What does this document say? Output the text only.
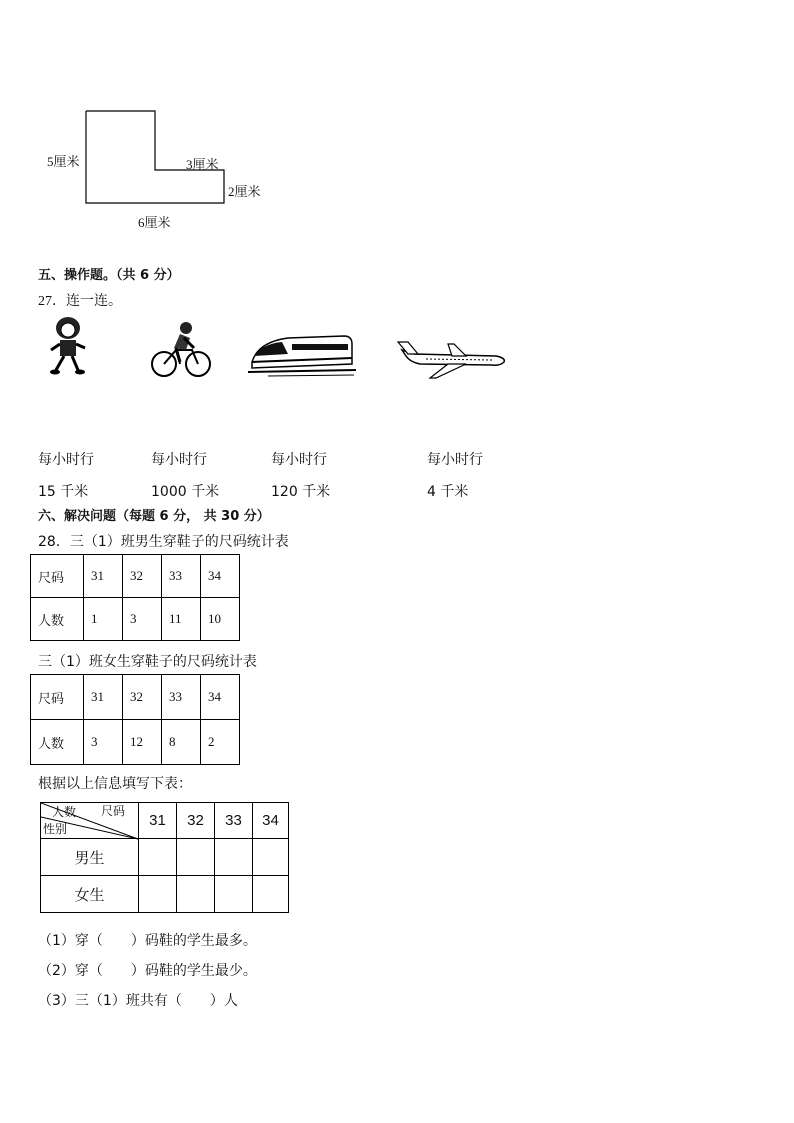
5厘米	3厘米
2厘米
6厘米
五、操作题。（共 6 分）
27．连一连。
每小时行	每小时行	每小时行	每小时行
15 千米	1000 千米	120 千米	4 千米
六、解决问题（每题 6 分， 共 30 分）
28．三（1）班男生穿鞋子的尺码统计表
尺码	31	32	33	34
人数	1	3	11	10
三（1）班女生穿鞋子的尺码统计表
尺码	31	32	33	34
人数	3	12	8	2
根据以上信息填写下表：
人数 尺码
性别	31	32	33	34
男生				
女生				
（1）穿（　　）码鞋的学生最多。
（2）穿（　　）码鞋的学生最少。
（3）三（1）班共有（　　）人
